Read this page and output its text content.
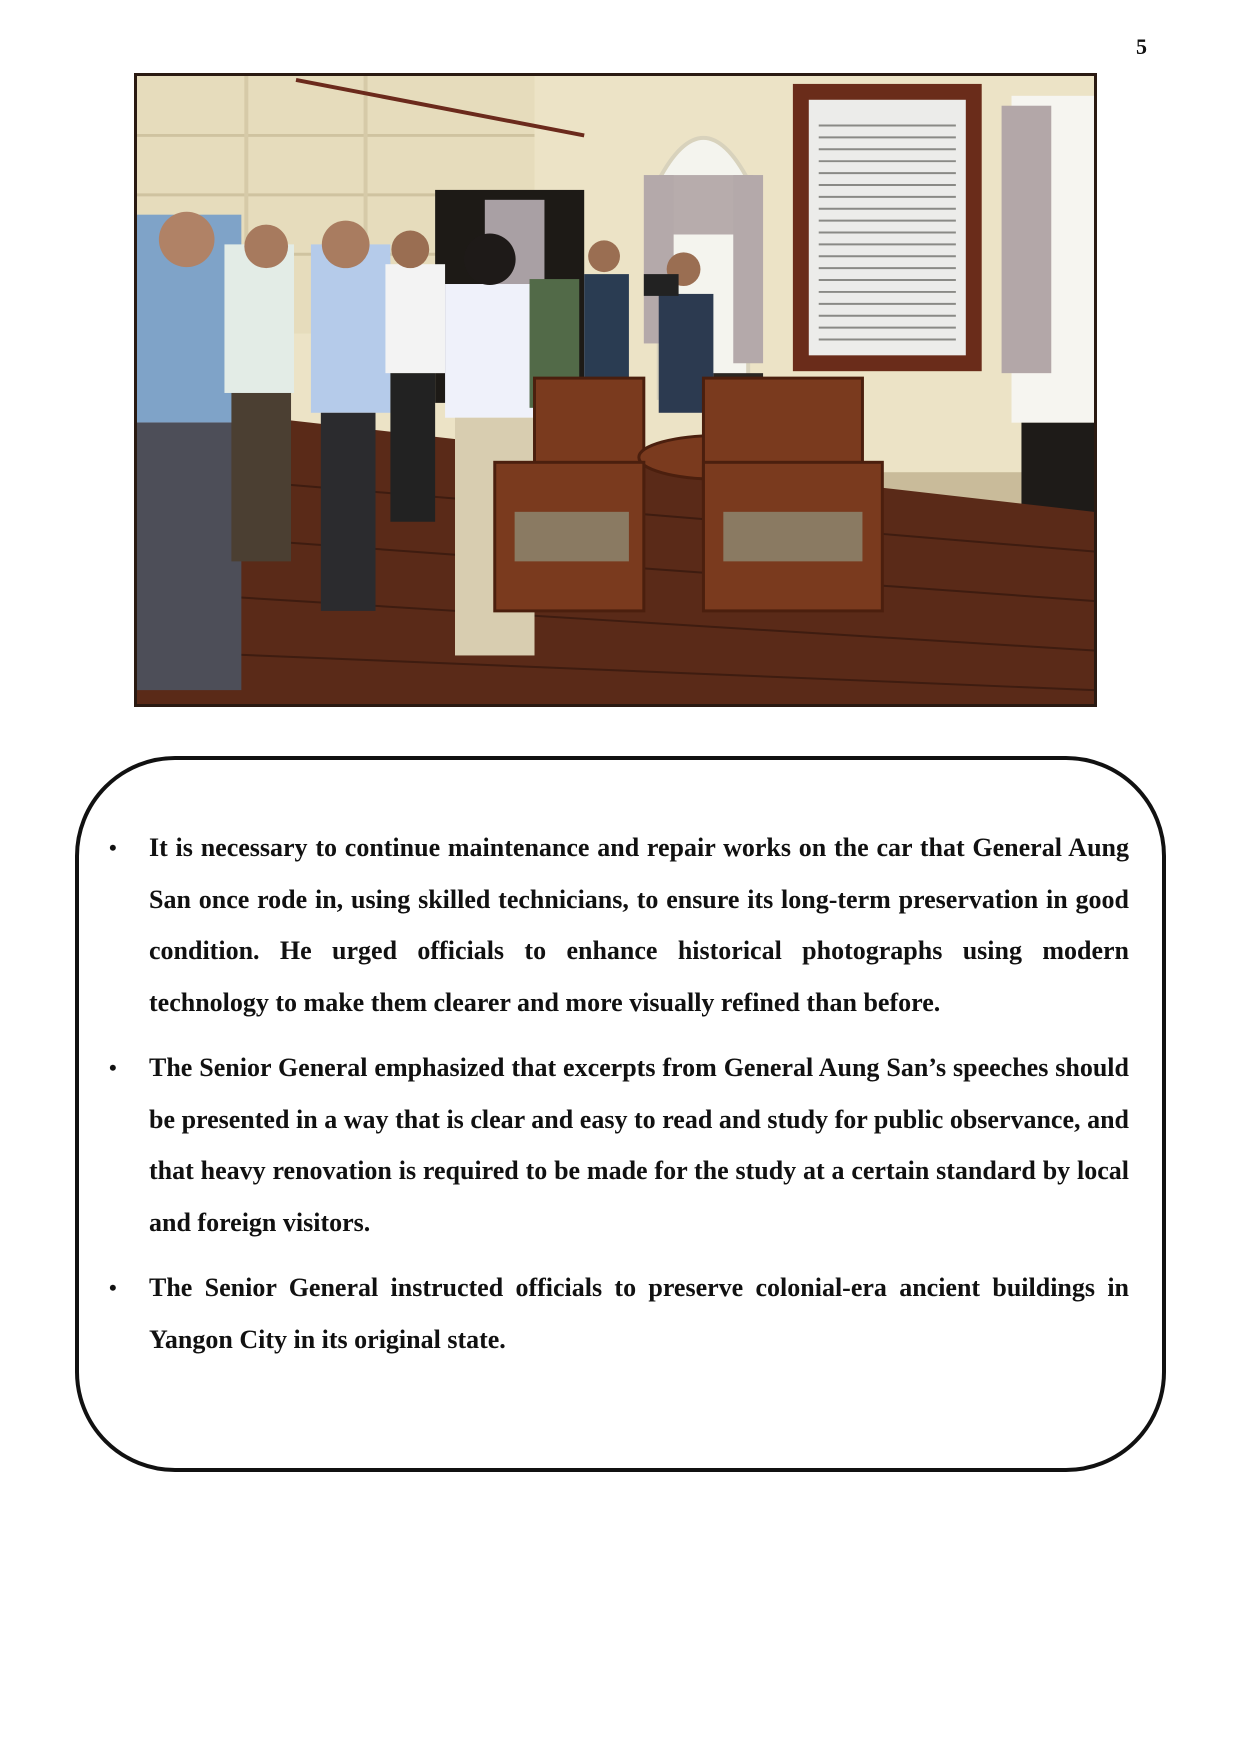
5
• It is necessary to continue maintenance and repair works on the car that General Aung San once rode in, using skilled technicians, to ensure its long-term preservation in good condition. He urged officials to enhance historical photographs using modern technology to make them clearer and more visually refined than before.
• The Senior General emphasized that excerpts from General Aung San’s speeches should be presented in a way that is clear and easy to read and study for public observance, and that heavy renovation is required to be made for the study at a certain standard by local and foreign visitors.
• The Senior General instructed officials to preserve colonial-era ancient buildings in Yangon City in its original state.
